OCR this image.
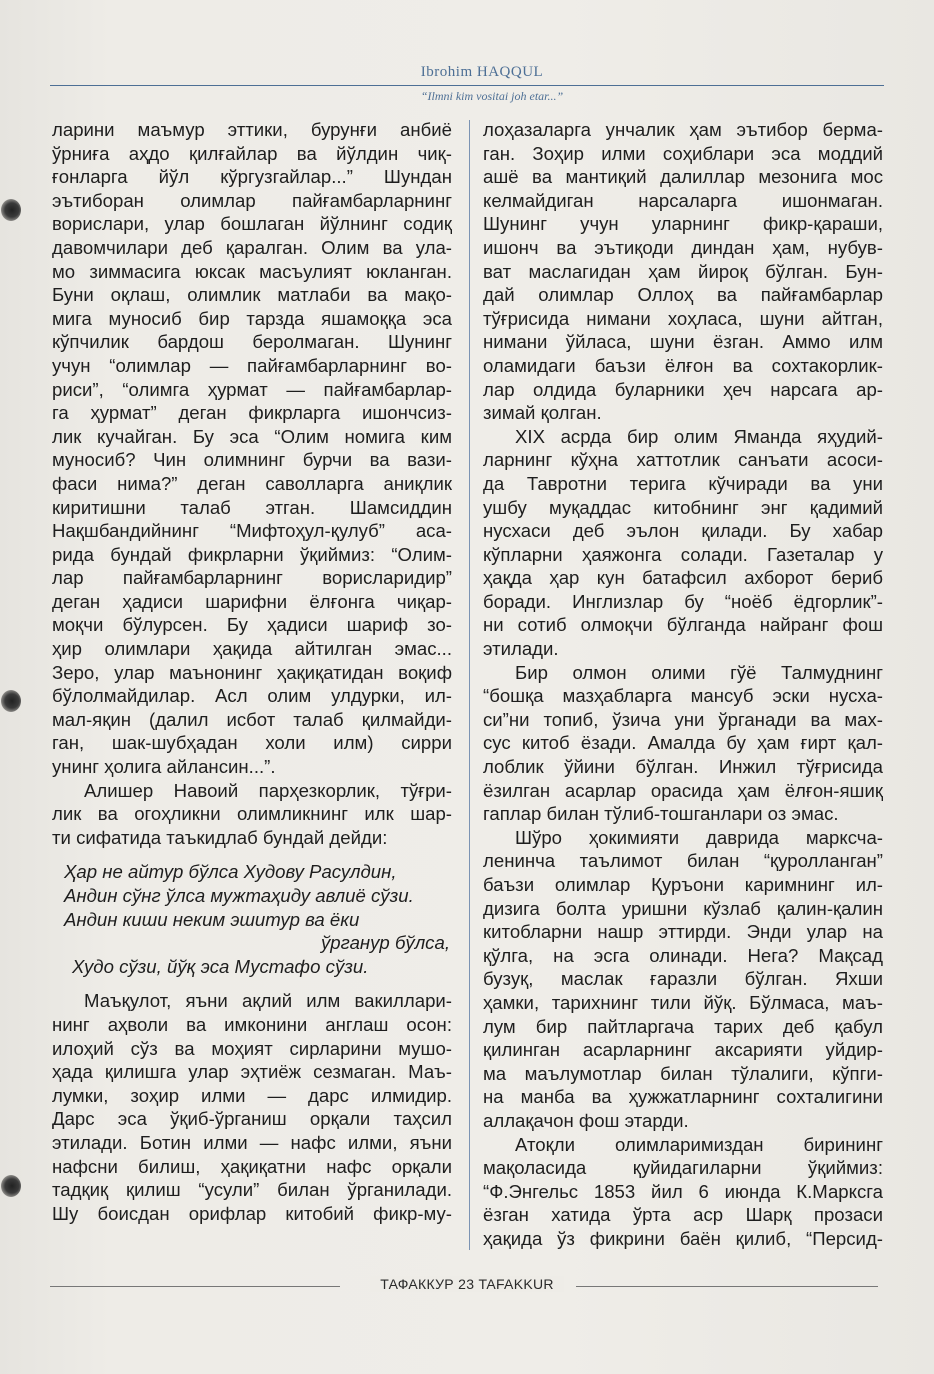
Ibrohim HAQQUL
“Ilmni kim vositai joh etar...”
ларини маъмур эттики, бурунғи анбиё
ўрниға аҳдо қилғайлар ва йўлдин чиқ-
ғонларга йўл кўргузгайлар...” Шундан
эътиборан олимлар пайғамбарларнинг
ворислари, улар бошлаган йўлнинг содиқ
давомчилари деб қаралган. Олим ва ула-
мо зиммасига юксак масъулият юкланган.
Буни оқлаш, олимлик матлаби ва мақо-
мига муносиб бир тарзда яшамоққа эса
кўпчилик бардош беролмаган. Шунинг
учун “олимлар — пайғамбарларнинг во-
риси”, “олимга ҳурмат — пайғамбарлар-
га ҳурмат” деган фикрларга ишончсиз-
лик кучайган. Бу эса “Олим номига ким
муносиб? Чин олимнинг бурчи ва вази-
фаси нима?” деган саволларга аниқлик
киритишни талаб этган. Шамсиддин
Нақшбандийнинг “Мифтоҳул-қулуб” аса-
рида бундай фикрларни ўқиймиз: “Олим-
лар пайғамбарларнинг ворисларидир”
деган ҳадиси шарифни ёлғонга чиқар-
моқчи бўлурсен. Бу ҳадиси шариф зо-
ҳир олимлари ҳақида айтилган эмас...
Зеро, улар маънонинг ҳақиқатидан воқиф
бўлолмайдилар. Асл олим улдурки, ил-
мал-яқин (далил исбот талаб қилмайди-
ган, шак-шубҳадан холи илм) сирри
унинг ҳолига айлансин...”.
Алишер Навоий парҳезкорлик, тўғри-
лик ва огоҳликни олимликнинг илк шар-
ти сифатида таъкидлаб бундай дейди:
Ҳар не айтур бўлса Худову Расулдин,
Андин сўнг ўлса мужтаҳиду авлиё сўзи.
Андин киши неким эшитур ва ёки
ўрганур бўлса,
Худо сўзи, йўқ эса Мустафо сўзи.
Маъқулот, яъни ақлий илм вакиллари-
нинг аҳволи ва имконини англаш осон:
илоҳий сўз ва моҳият сирларини мушо-
ҳада қилишга улар эҳтиёж сезмаган. Маъ-
лумки, зоҳир илми — дарс илмидир.
Дарс эса ўқиб-ўрганиш орқали таҳсил
этилади. Ботин илми — нафс илми, яъни
нафсни билиш, ҳақиқатни нафс орқали
тадқиқ қилиш “усули” билан ўрганилади.
Шу боисдан орифлар китобий фикр-му-
лоҳазаларга унчалик ҳам эътибор берма-
ган. Зоҳир илми соҳиблари эса моддий
ашё ва мантиқий далиллар мезонига мос
келмайдиган нарсаларга ишонмаган.
Шунинг учун уларнинг фикр-қараши,
ишонч ва эътиқоди диндан ҳам, нубув-
ват маслагидан ҳам йироқ бўлган. Бун-
дай олимлар Оллоҳ ва пайғамбарлар
тўғрисида нимани хоҳласа, шуни айтган,
нимани ўйласа, шуни ёзган. Аммо илм
оламидаги баъзи ёлғон ва сохтакорлик-
лар олдида буларники ҳеч нарсага ар-
зимай қолган.
XIX асрда бир олим Яманда яҳудий-
ларнинг кўҳна хаттотлик санъати асоси-
да Тавротни терига кўчиради ва уни
ушбу муқаддас китобнинг энг қадимий
нусхаси деб эълон қилади. Бу хабар
кўпларни ҳаяжонга солади. Газеталар у
ҳақда ҳар кун батафсил ахборот бериб
боради. Инглизлар бу “ноёб ёдгорлик”-
ни сотиб олмоқчи бўлганда найранг фош
этилади.
Бир олмон олими гўё Талмуднинг
“бошқа мазҳабларга мансуб эски нусха-
си”ни топиб, ўзича уни ўрганади ва мах-
сус китоб ёзади. Амалда бу ҳам ғирт қал-
лоблик ўйини бўлган. Инжил тўғрисида
ёзилган асарлар орасида ҳам ёлғон-яшиқ
гаплар билан тўлиб-тошганлари оз эмас.
Шўро ҳокимияти даврида марксча-
ленинча таълимот билан “қуролланган”
баъзи олимлар Қуръони каримнинг ил-
дизига болта уришни кўзлаб қалин-қалин
китобларни нашр эттирди. Энди улар на
қўлга, на эсга олинади. Нега? Мақсад
бузуқ, маслак ғаразли бўлган. Яхши
ҳамки, тарихнинг тили йўқ. Бўлмаса, маъ-
лум бир пайтларгача тарих деб қабул
қилинган асарларнинг аксарияти уйдир-
ма маълумотлар билан тўлалиги, кўпги-
на манба ва ҳужжатларнинг сохталигини
аллақачон фош этарди.
Атоқли олимларимиздан бирининг
мақоласида қуйидагиларни ўқиймиз:
“Ф.Энгельс 1853 йил 6 июнда К.Марксга
ёзган хатида ўрта аср Шарқ прозаси
ҳақида ўз фикрини баён қилиб, “Персид-
ТАФАККУР 23 TAFAKKUR
